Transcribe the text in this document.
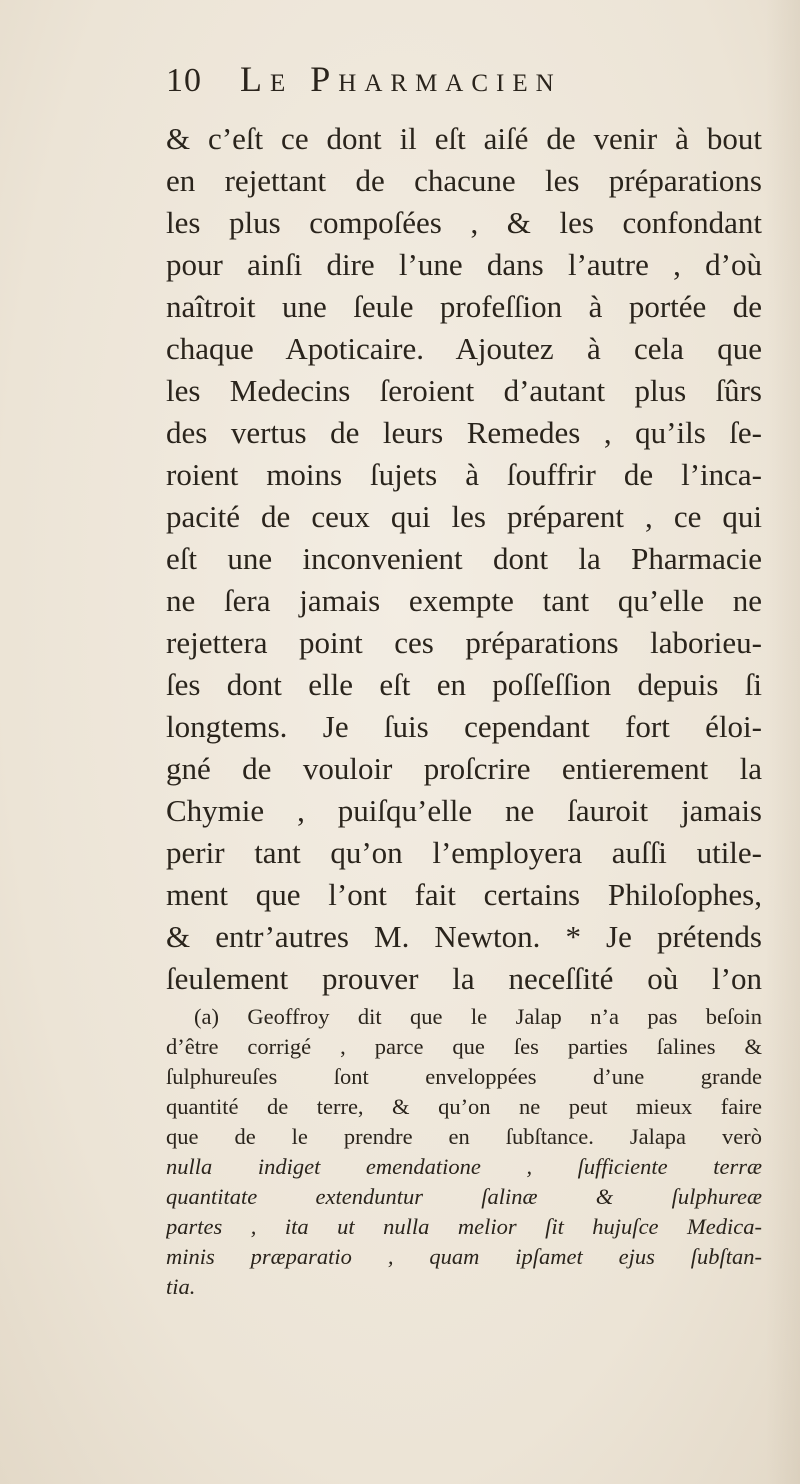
10	Le Pharmacien
& c’eſt ce dont il eſt aiſé de venir à bout
en rejettant de chacune les préparations
les plus compoſées , & les confondant
pour ainſi dire l’une dans l’autre , d’où
naîtroit une ſeule profeſſion à portée de
chaque Apoticaire. Ajoutez à cela que
les Medecins ſeroient d’autant plus ſûrs
des vertus de leurs Remedes , qu’ils ſe-
roient moins ſujets à ſouffrir de l’inca-
pacité de ceux qui les préparent , ce qui
eſt une inconvenient dont la Pharmacie
ne ſera jamais exempte tant qu’elle ne
rejettera point ces préparations laborieu-
ſes dont elle eſt en poſſeſſion depuis ſi
longtems. Je ſuis cependant fort éloi-
gné de vouloir proſcrire entierement la
Chymie , puiſqu’elle ne ſauroit jamais
perir tant qu’on l’employera auſſi utile-
ment que l’ont fait certains Philoſophes,
& entr’autres M. Newton. * Je prétends
ſeulement prouver la neceſſité où l’on
(a) Geoffroy dit que le Jalap n’a pas beſoin
d’être corrigé , parce que ſes parties ſalines &
ſulphureuſes ſont enveloppées d’une grande
quantité de terre, & qu’on ne peut mieux faire
que de le prendre en ſubſtance. Jalapa verò
nulla indiget emendatione , ſufficiente terræ
quantitate extenduntur ſalinæ & ſulphureæ
partes , ita ut nulla melior ſit hujuſce Medica-
minis præparatio , quam ipſamet ejus ſubſtan-
tia.
